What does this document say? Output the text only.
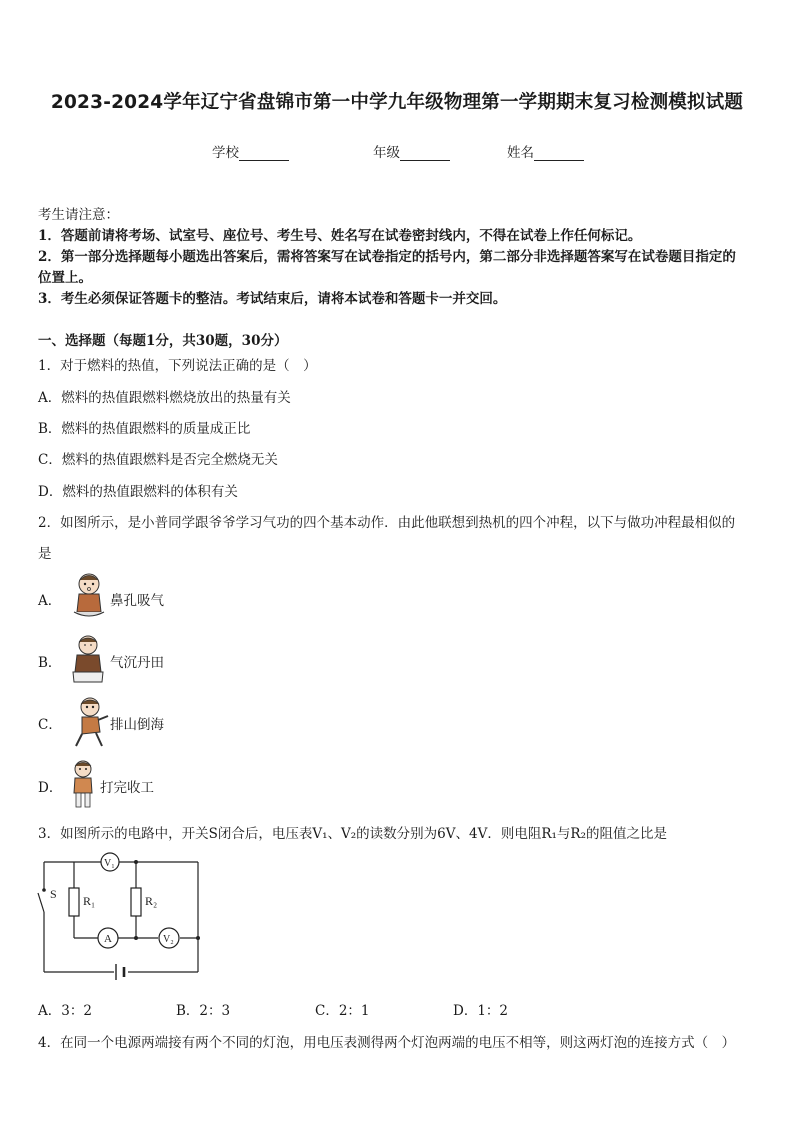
2023-2024学年辽宁省盘锦市第一中学九年级物理第一学期期末复习检测模拟试题
学校	年级	姓名
考生请注意：
1．答题前请将考场、试室号、座位号、考生号、姓名写在试卷密封线内，不得在试卷上作任何标记。
2．第一部分选择题每小题选出答案后，需将答案写在试卷指定的括号内，第二部分非选择题答案写在试卷题目指定的
位置上。
3．考生必须保证答题卡的整洁。考试结束后，请将本试卷和答题卡一并交回。
一、选择题（每题1分，共30题，30分）
1．对于燃料的热值，下列说法正确的是（　）
A．燃料的热值跟燃料燃烧放出的热量有关
B．燃料的热值跟燃料的质量成正比
C．燃料的热值跟燃料是否完全燃烧无关
D．燃料的热值跟燃料的体积有关
2．如图所示，是小普同学跟爷爷学习气功的四个基本动作．由此他联想到热机的四个冲程，以下与做功冲程最相似的
是
A．	鼻孔吸气
B．	气沉丹田
C．	排山倒海
D．	打完收工
3．如图所示的电路中，开关S闭合后，电压表V₁、V₂的读数分别为6V、4V．则电阻R₁与R₂的阻值之比是
S R₁	R₂
V₁
A	V₂
A．3：2	B．2：3	C．2：1	D．1：2
4．在同一个电源两端接有两个不同的灯泡，用电压表测得两个灯泡两端的电压不相等，则这两灯泡的连接方式（　）
